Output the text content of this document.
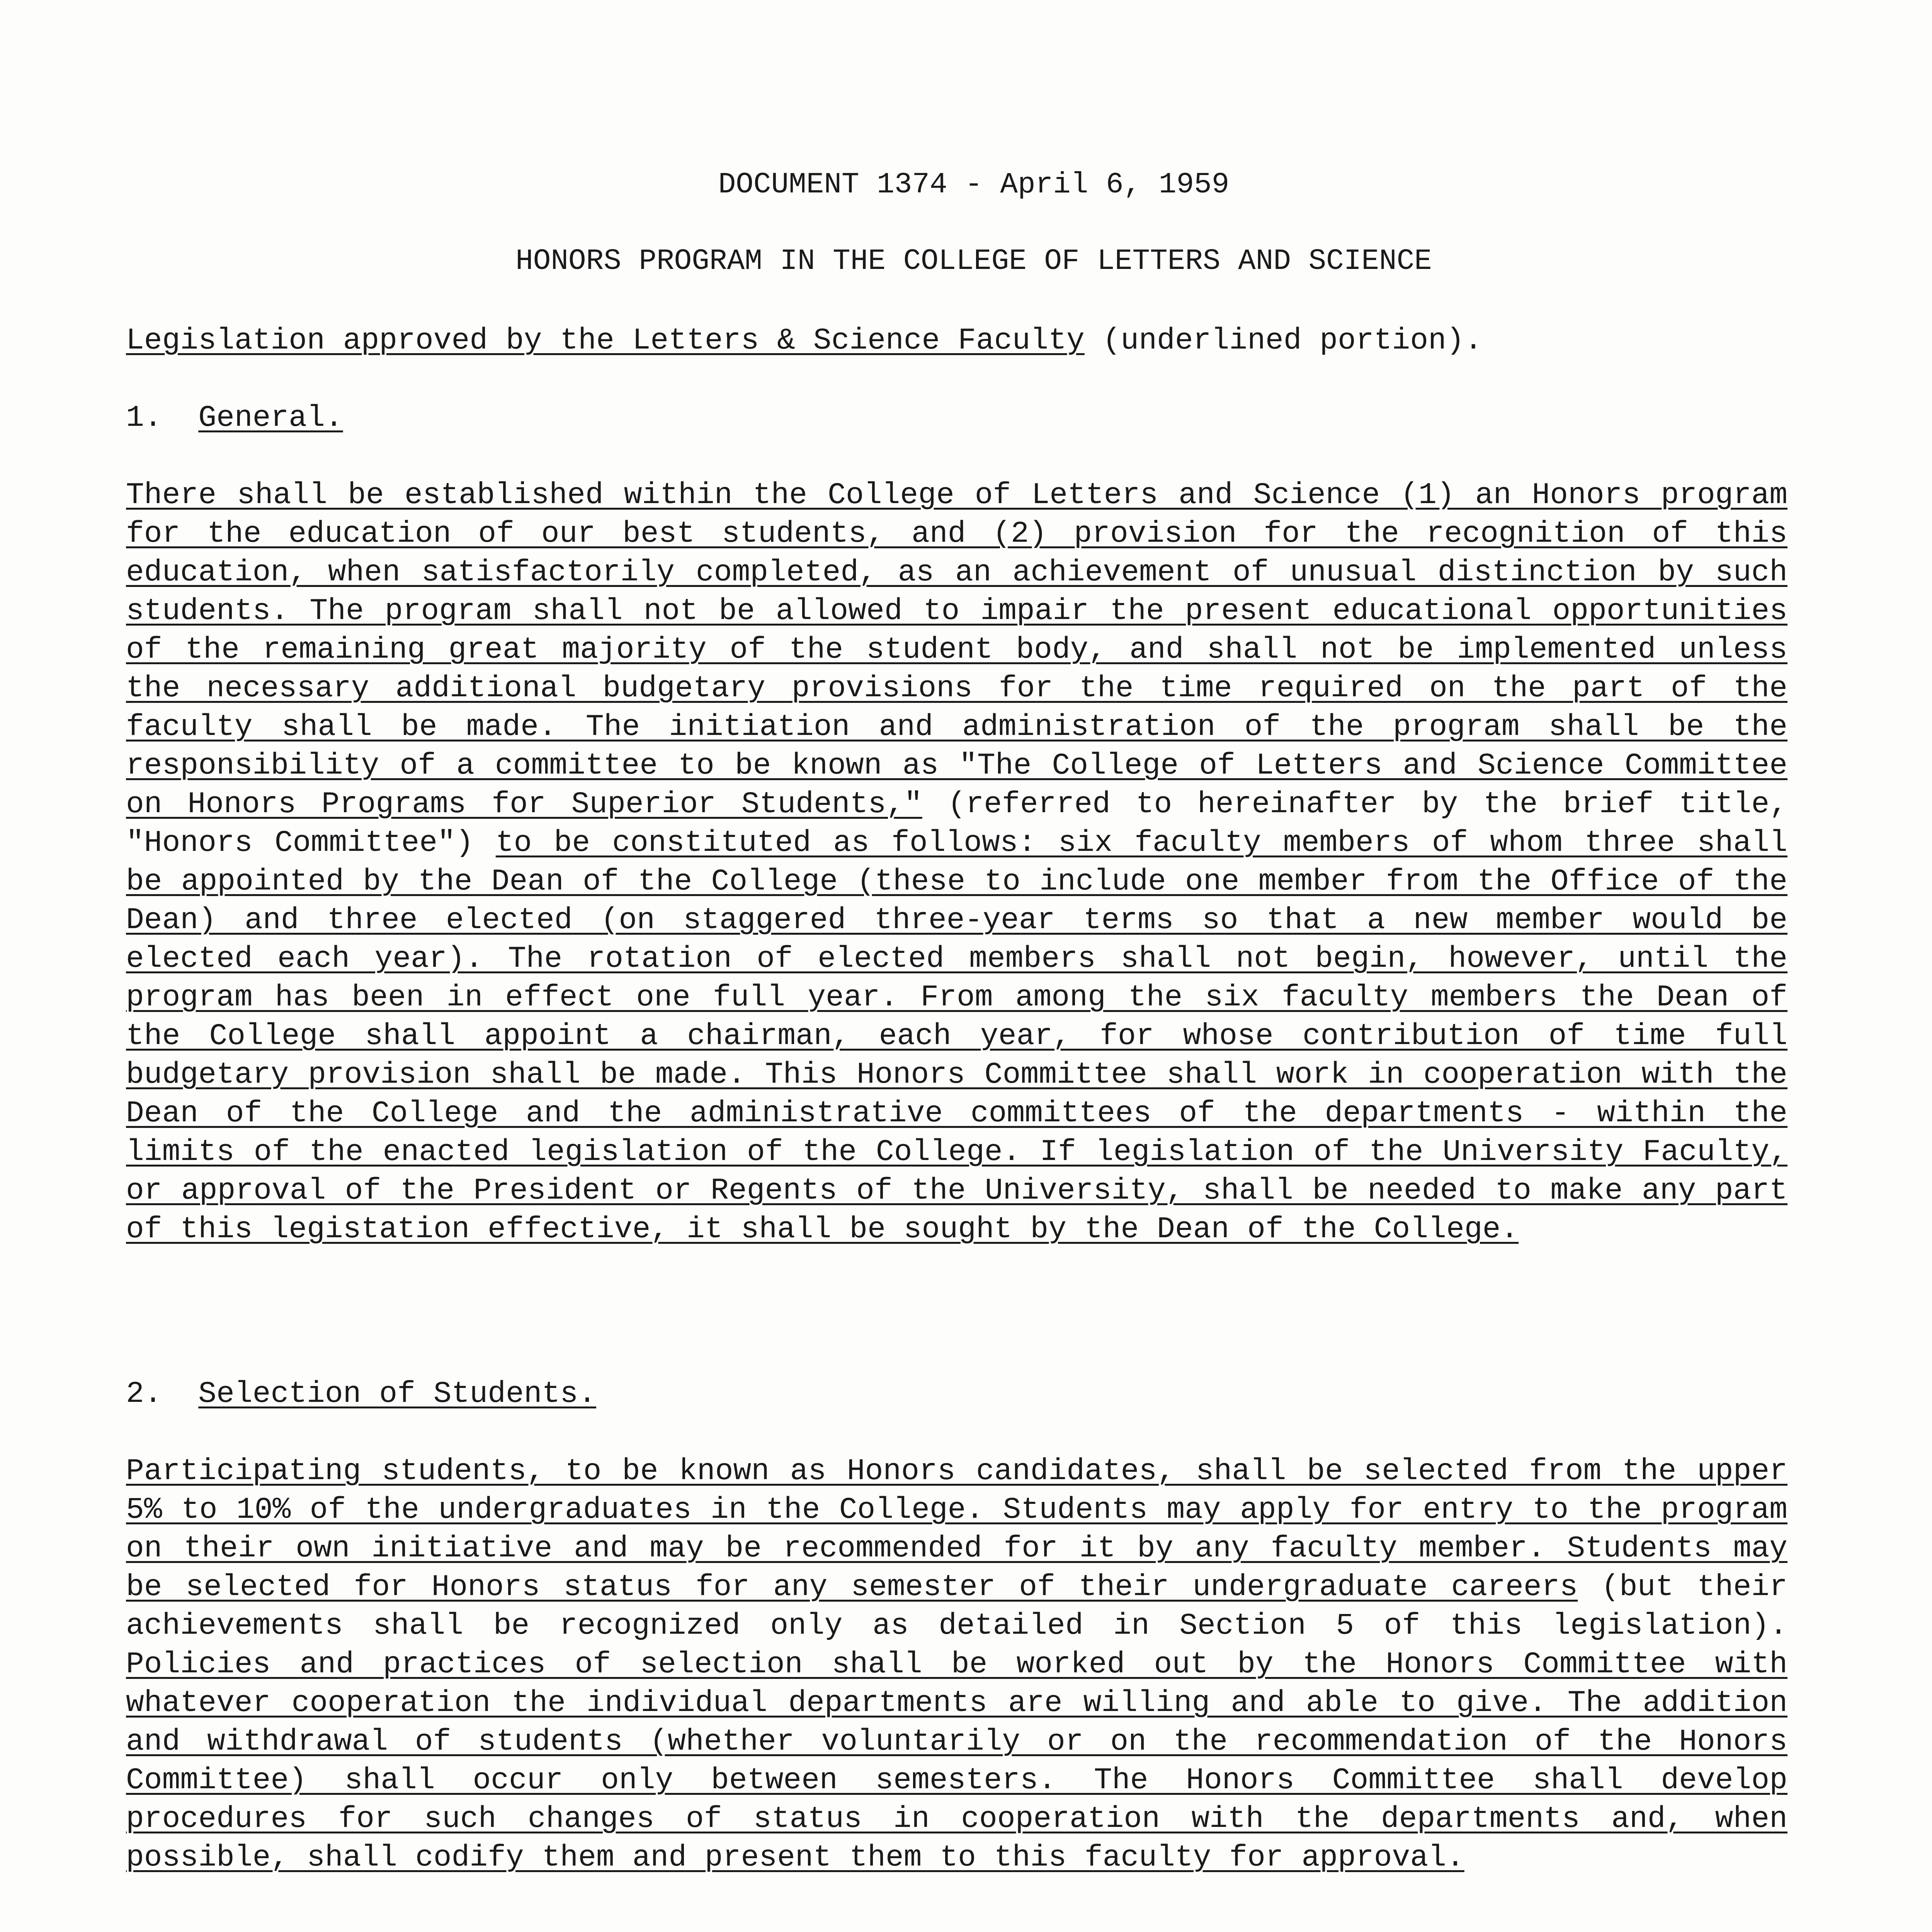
DOCUMENT 1374 - April 6, 1959
HONORS PROGRAM IN THE COLLEGE OF LETTERS AND SCIENCE
Legislation approved by the Letters & Science Faculty (underlined portion).
1. General.
There shall be established within the College of Letters and Science (1) an Honors program for the education of our best students, and (2) provision for the recognition of this education, when satisfactorily completed, as an achievement of unusual distinction by such students. The program shall not be allowed to impair the present educational opportunities of the remaining great majority of the student body, and shall not be implemented unless the necessary additional budgetary provisions for the time required on the part of the faculty shall be made. The initiation and administration of the program shall be the responsibility of a committee to be known as "The College of Letters and Science Committee on Honors Programs for Superior Students," (referred to hereinafter by the brief title, "Honors Committee") to be constituted as follows: six faculty members of whom three shall be appointed by the Dean of the College (these to include one member from the Office of the Dean) and three elected (on staggered three-year terms so that a new member would be elected each year). The rotation of elected members shall not begin, however, until the program has been in effect one full year. From among the six faculty members the Dean of the College shall appoint a chairman, each year, for whose contribution of time full budgetary provision shall be made. This Honors Committee shall work in cooperation with the Dean of the College and the administrative committees of the departments - within the limits of the enacted legislation of the College. If legislation of the University Faculty, or approval of the President or Regents of the University, shall be needed to make any part of this legistation effective, it shall be sought by the Dean of the College.
2. Selection of Students.
Participating students, to be known as Honors candidates, shall be selected from the upper 5% to 10% of the undergraduates in the College. Students may apply for entry to the program on their own initiative and may be recommended for it by any faculty member. Students may be selected for Honors status for any semester of their undergraduate careers (but their achievements shall be recognized only as detailed in Section 5 of this legislation). Policies and practices of selection shall be worked out by the Honors Committee with whatever cooperation the individual departments are willing and able to give. The addition and withdrawal of students (whether voluntarily or on the recommendation of the Honors Committee) shall occur only between semesters. The Honors Committee shall develop procedures for such changes of status in cooperation with the departments and, when possible, shall codify them and present them to this faculty for approval.
